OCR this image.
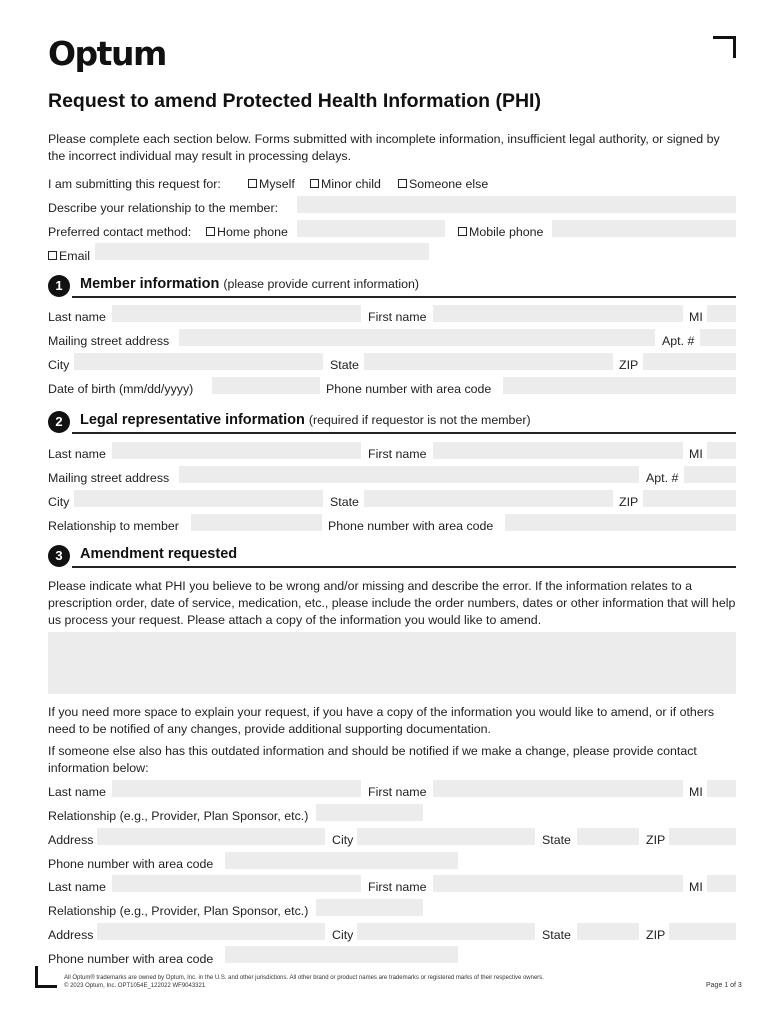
Optum
Request to amend Protected Health Information (PHI)
Please complete each section below. Forms submitted with incomplete information, insufficient legal authority, or signed by the incorrect individual may result in processing delays.
I am submitting this request for:	Myself	Minor child	Someone else
Describe your relationship to the member:
Preferred contact method:	Home phone	Mobile phone
Email
1	Member information (please provide current information)
Last name	First name	MI
Mailing street address	Apt. #
City	State	ZIP
Date of birth (mm/dd/yyyy)	Phone number with area code
2	Legal representative information (required if requestor is not the member)
Last name	First name	MI
Mailing street address	Apt. #
City	State	ZIP
Relationship to member	Phone number with area code
3	Amendment requested
Please indicate what PHI you believe to be wrong and/or missing and describe the error. If the information relates to a prescription order, date of service, medication, etc., please include the order numbers, dates or other information that will help us process your request. Please attach a copy of the information you would like to amend.
If you need more space to explain your request, if you have a copy of the information you would like to amend, or if others need to be notified of any changes, provide additional supporting documentation.
If someone else also has this outdated information and should be notified if we make a change, please provide contact information below:
Last name	First name	MI
Relationship (e.g., Provider, Plan Sponsor, etc.)
Address	City	State	ZIP
Phone number with area code
Last name	First name	MI
Relationship (e.g., Provider, Plan Sponsor, etc.)
Address	City	State	ZIP
Phone number with area code
All Optum® trademarks are owned by Optum, Inc. in the U.S. and other jurisdictions. All other brand or product names are trademarks or registered marks of their respective owners.
© 2023 Optum, Inc. OPT1054E_122022 WF9043321	Page 1 of 3
